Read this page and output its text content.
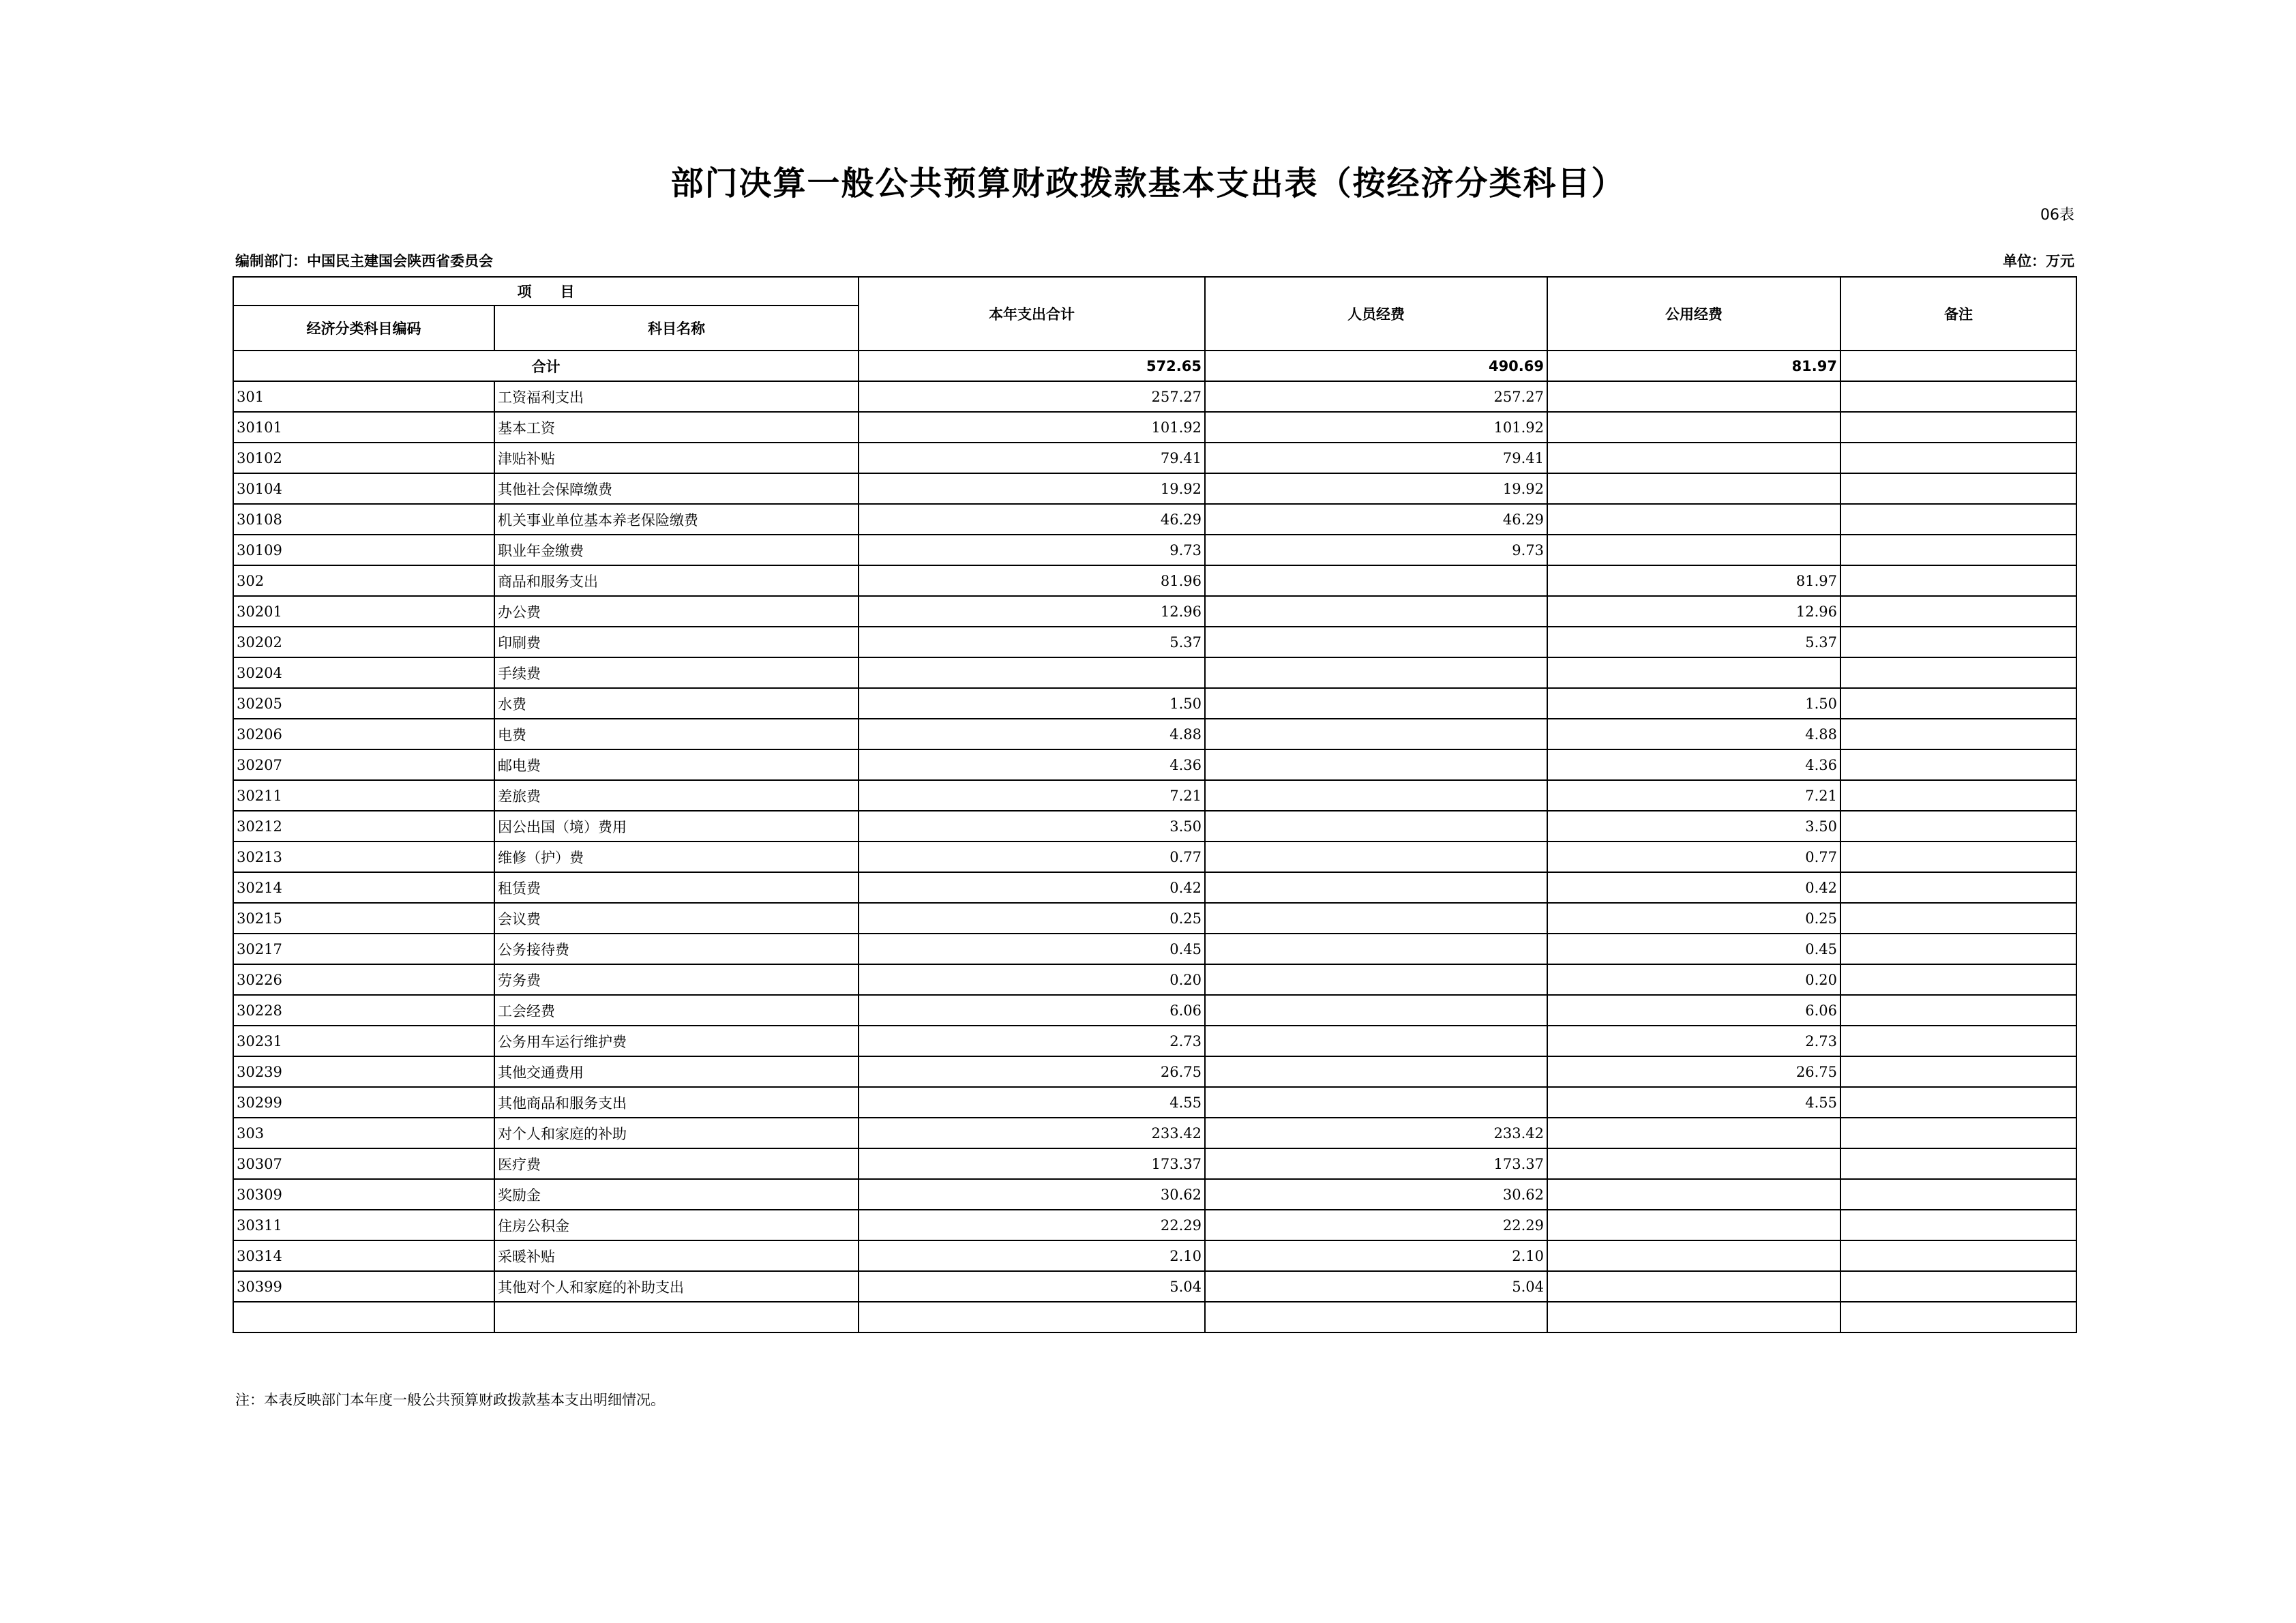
部门决算一般公共预算财政拨款基本支出表（按经济分类科目）
06表
编制部门：中国民主建国会陕西省委员会	单位：万元
项　　目		本年支出合计	人员经费	公用经费	备注
经济分类科目编码	科目名称				
合计		572.65	490.69	81.97	
301	工资福利支出	257.27	257.27		
30101	基本工资	101.92	101.92		
30102	津贴补贴	79.41	79.41		
30104	其他社会保障缴费	19.92	19.92		
30108	机关事业单位基本养老保险缴费	46.29	46.29		
30109	职业年金缴费	9.73	9.73		
302	商品和服务支出	81.96		81.97	
30201	办公费	12.96		12.96	
30202	印刷费	5.37		5.37	
30204	手续费				
30205	水费	1.50		1.50	
30206	电费	4.88		4.88	
30207	邮电费	4.36		4.36	
30211	差旅费	7.21		7.21	
30212	因公出国（境）费用	3.50		3.50	
30213	维修（护）费	0.77		0.77	
30214	租赁费	0.42		0.42	
30215	会议费	0.25		0.25	
30217	公务接待费	0.45		0.45	
30226	劳务费	0.20		0.20	
30228	工会经费	6.06		6.06	
30231	公务用车运行维护费	2.73		2.73	
30239	其他交通费用	26.75		26.75	
30299	其他商品和服务支出	4.55		4.55	
303	对个人和家庭的补助	233.42	233.42		
30307	医疗费	173.37	173.37		
30309	奖励金	30.62	30.62		
30311	住房公积金	22.29	22.29		
30314	采暖补贴	2.10	2.10		
30399	其他对个人和家庭的补助支出	5.04	5.04		

注：本表反映部门本年度一般公共预算财政拨款基本支出明细情况。
